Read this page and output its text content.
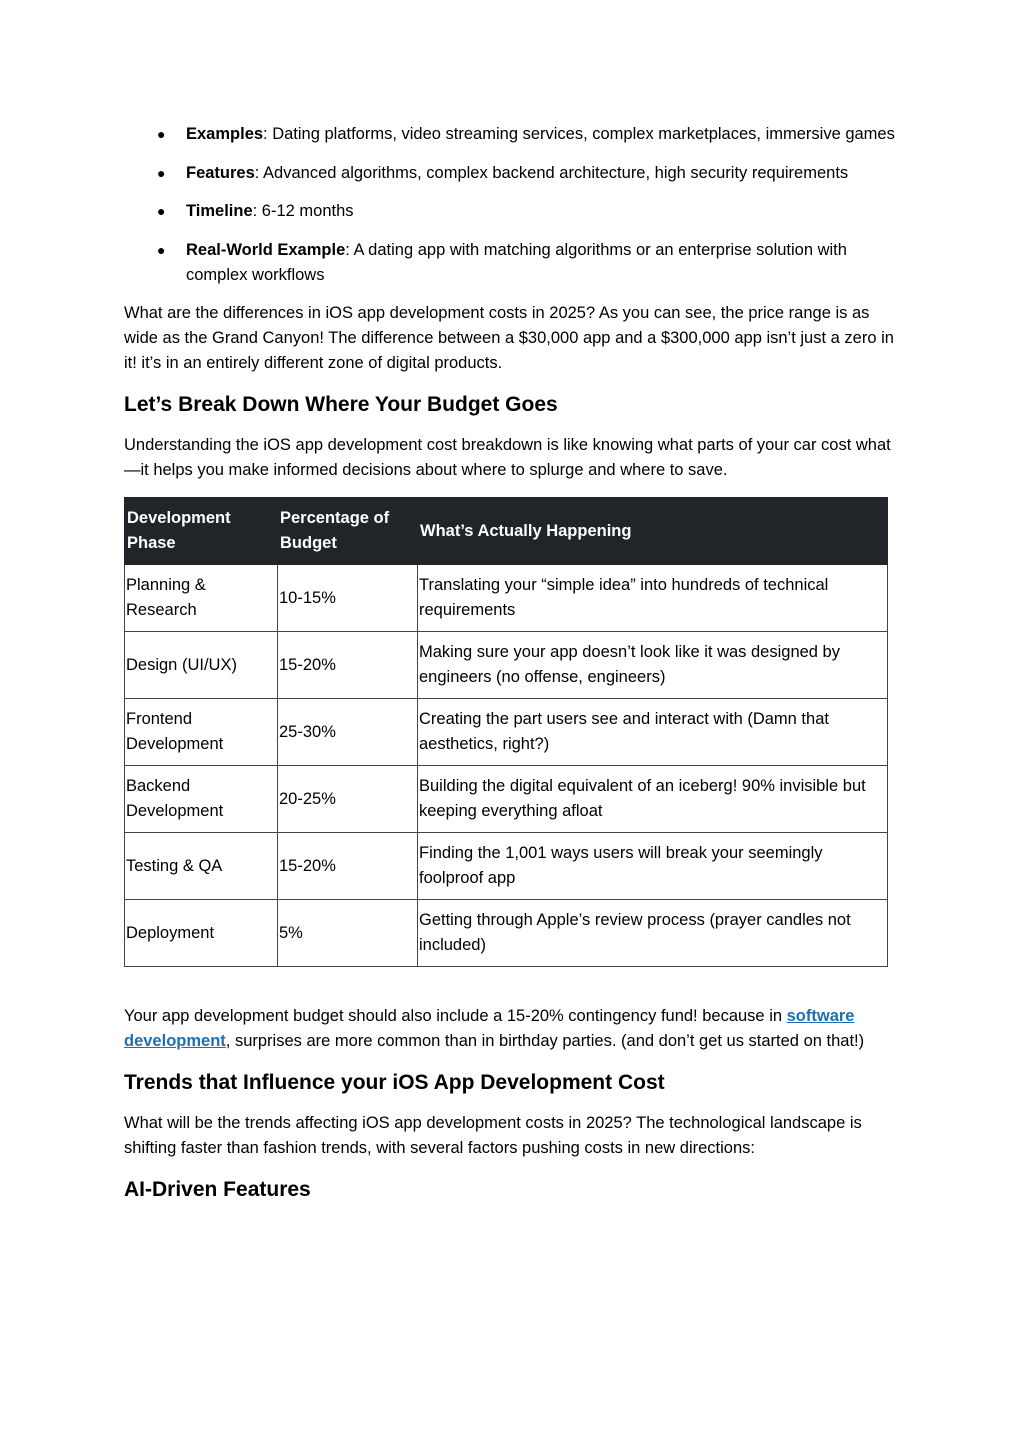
● Examples: Dating platforms, video streaming services, complex marketplaces, immersive games
● Features: Advanced algorithms, complex backend architecture, high security requirements
● Timeline: 6-12 months
● Real-World Example: A dating app with matching algorithms or an enterprise solution with complex workflows

What are the differences in iOS app development costs in 2025? As you can see, the price range is as wide as the Grand Canyon! The difference between a $30,000 app and a $300,000 app isn’t just a zero in it! it’s in an entirely different zone of digital products.

Let’s Break Down Where Your Budget Goes

Understanding the iOS app development cost breakdown is like knowing what parts of your car cost what—it helps you make informed decisions about where to splurge and where to save.

Development Phase	Percentage of Budget	What’s Actually Happening
Planning & Research	10-15%	Translating your “simple idea” into hundreds of technical requirements
Design (UI/UX)	15-20%	Making sure your app doesn’t look like it was designed by engineers (no offense, engineers)
Frontend Development	25-30%	Creating the part users see and interact with (Damn that aesthetics, right?)
Backend Development	20-25%	Building the digital equivalent of an iceberg! 90% invisible but keeping everything afloat
Testing & QA	15-20%	Finding the 1,001 ways users will break your seemingly foolproof app
Deployment	5%	Getting through Apple’s review process (prayer candles not included)

Your app development budget should also include a 15-20% contingency fund! because in software development, surprises are more common than in birthday parties. (and don’t get us started on that!)

Trends that Influence your iOS App Development Cost

What will be the trends affecting iOS app development costs in 2025? The technological landscape is shifting faster than fashion trends, with several factors pushing costs in new directions:

AI-Driven Features
